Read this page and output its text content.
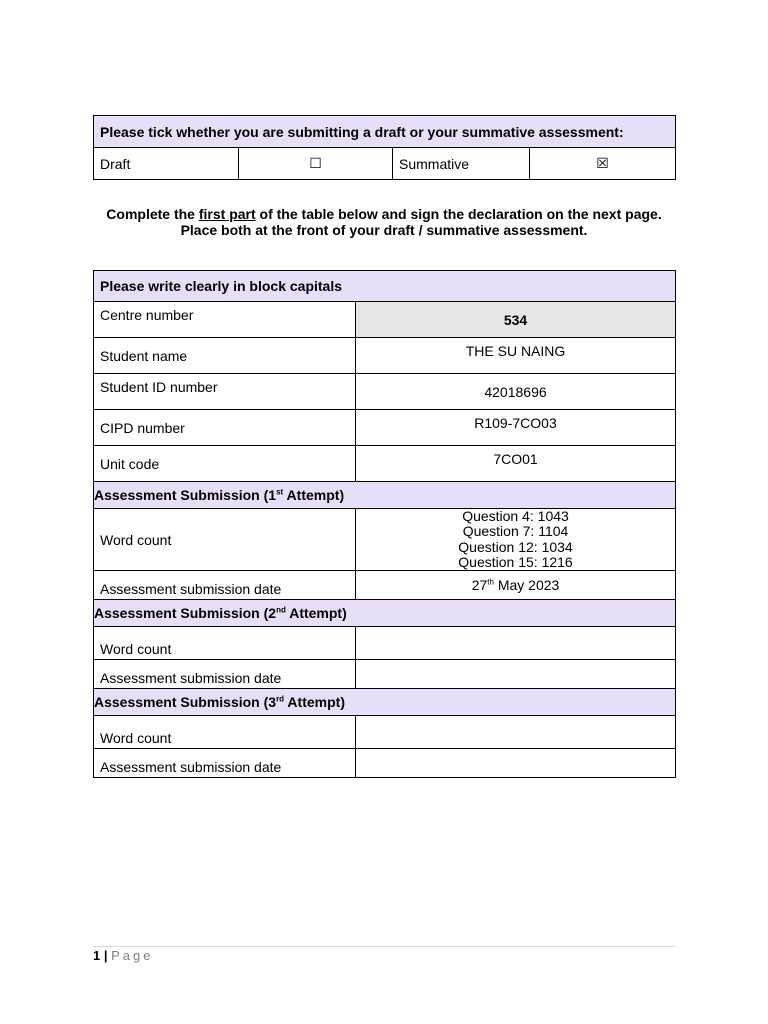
Please tick whether you are submitting a draft or your summative assessment:
Draft	☐	Summative	☒
Complete the first part of the table below and sign the declaration on the next page.
Place both at the front of your draft / summative assessment.
Please write clearly in block capitals	
Centre number	534
Student name	THE SU NAING
Student ID number	42018696
CIPD number	R109-7CO03
Unit code	7CO01
Assessment Submission (1st Attempt)	
Word count	Question 4: 1043
Question 7: 1104
Question 12: 1034
Question 15: 1216

Assessment submission date	27th May 2023
Assessment Submission (2nd Attempt)	
Word count	
Assessment submission date	
Assessment Submission (3rd Attempt)	
Word count	
Assessment submission date	
1 | Page
